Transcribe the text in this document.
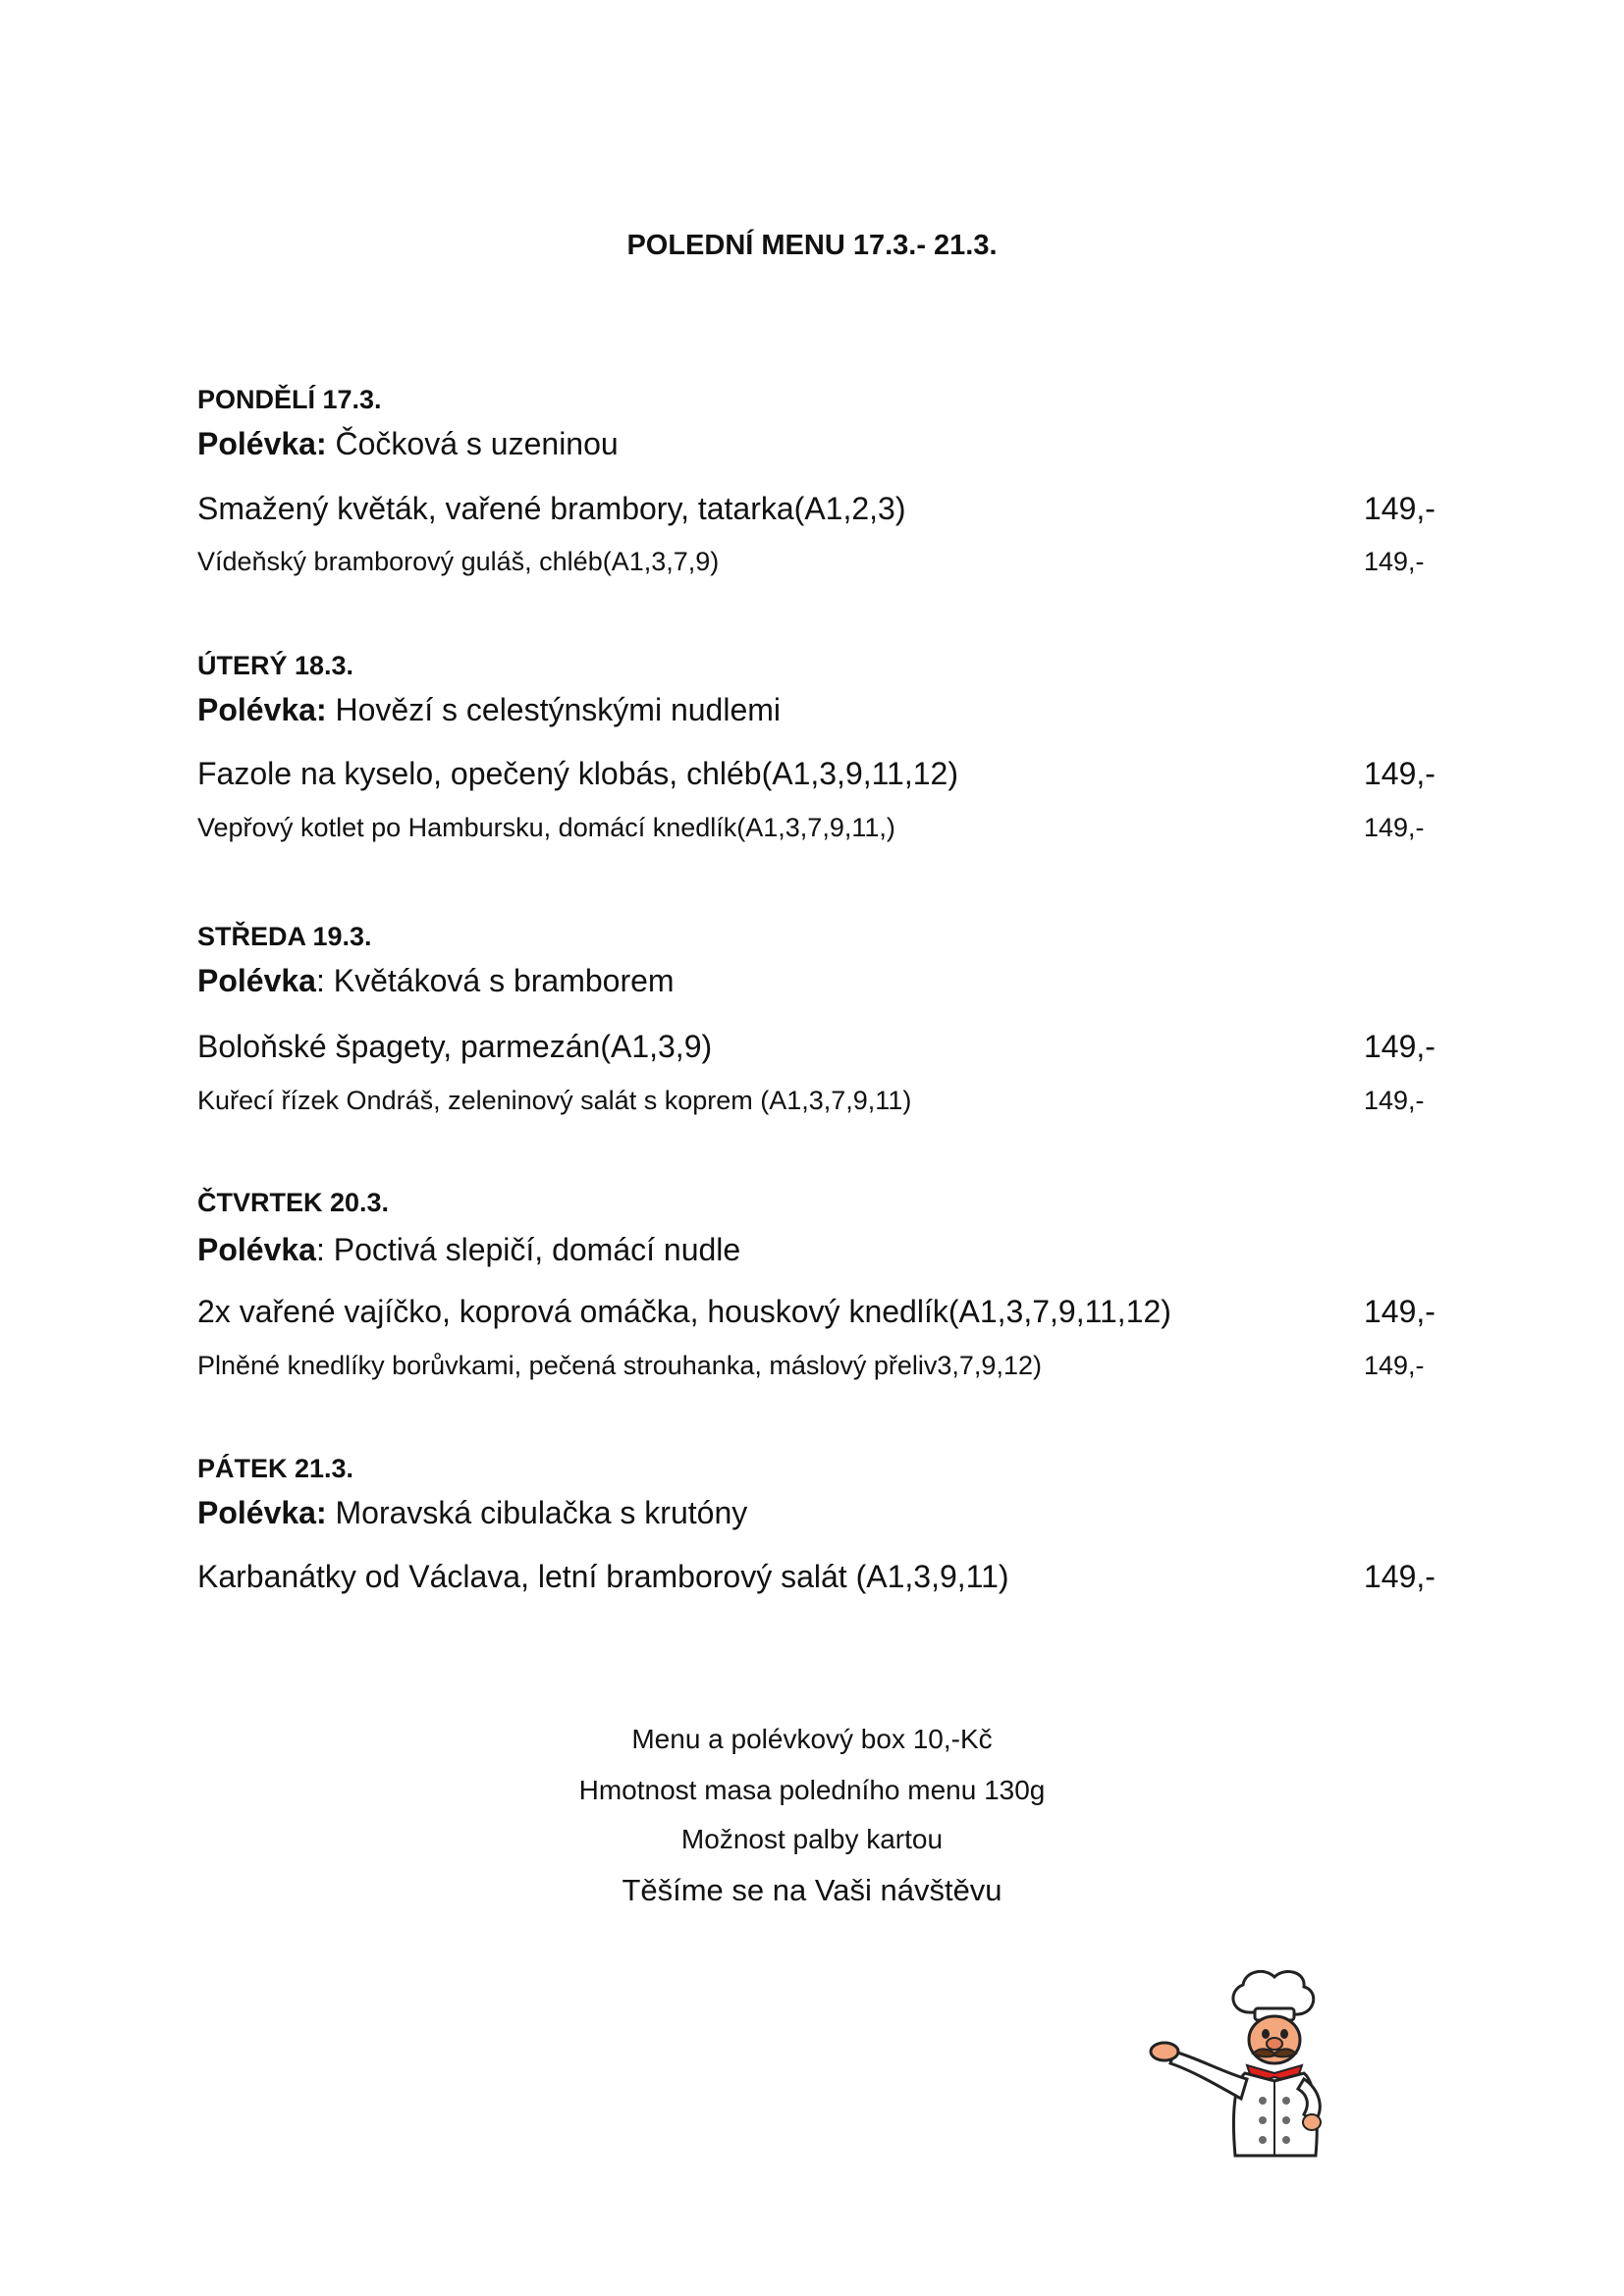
POLEDNÍ MENU 17.3.- 21.3.
PONDĚLÍ 17.3.
Polévka: Čočková s uzeninou
Smažený květák, vařené brambory, tatarka(A1,2,3)	149,-
Vídeňský bramborový guláš, chléb(A1,3,7,9)	149,-
ÚTERÝ 18.3.
Polévka: Hovězí s celestýnskými nudlemi
Fazole na kyselo, opečený klobás, chléb(A1,3,9,11,12)	149,-
Vepřový kotlet po Hambursku, domácí knedlík(A1,3,7,9,11,)	149,-
STŘEDA 19.3.
Polévka: Květáková s bramborem
Boloňské špagety, parmezán(A1,3,9)	149,-
Kuřecí řízek Ondráš, zeleninový salát s koprem (A1,3,7,9,11)	149,-
ČTVRTEK 20.3.
Polévka: Poctivá slepičí, domácí nudle
2x vařené vajíčko, koprová omáčka, houskový knedlík(A1,3,7,9,11,12)	149,-
Plněné knedlíky borůvkami, pečená strouhanka, máslový přeliv3,7,9,12)	149,-
PÁTEK 21.3.
Polévka: Moravská cibulačka s krutóny
Karbanátky od Václava, letní bramborový salát (A1,3,9,11)	149,-
Menu a polévkový box 10,-Kč
Hmotnost masa poledního menu 130g
Možnost palby kartou
Těšíme se na Vaši návštěvu
